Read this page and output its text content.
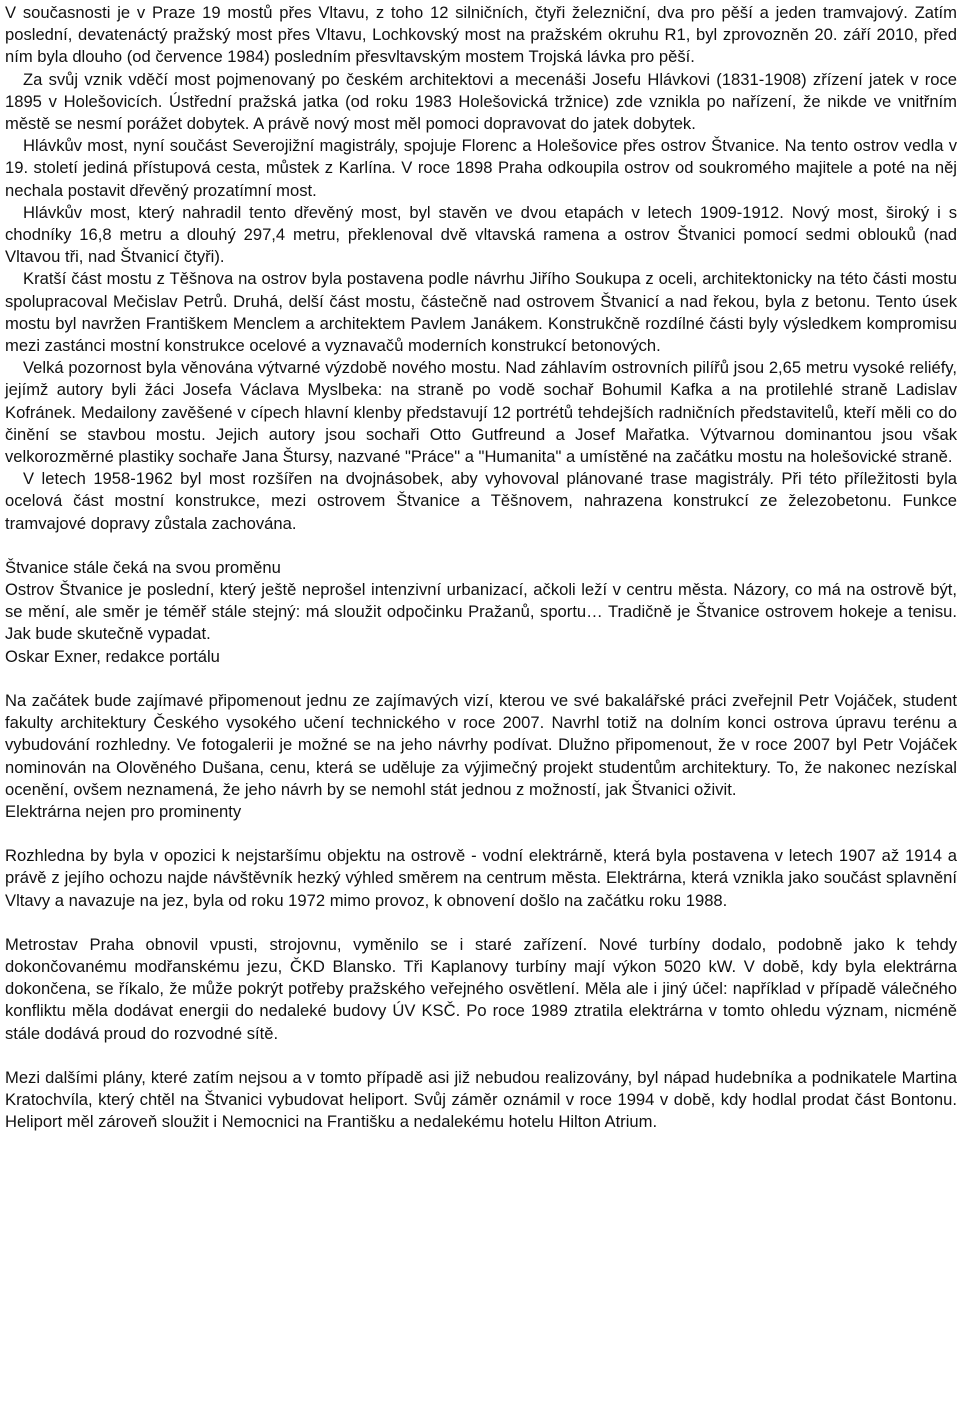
V současnosti je v Praze 19 mostů přes Vltavu, z toho 12 silničních, čtyři železniční, dva pro pěší a jeden tramvajový. Zatím poslední, devatenáctý pražský most přes Vltavu, Lochkovský most na pražském okruhu R1, byl zprovozněn 20. září 2010, před ním byla dlouho (od července 1984) posledním přesvltavským mostem Trojská lávka pro pěší.

Za svůj vznik vděčí most pojmenovaný po českém architektovi a mecenáši Josefu Hlávkovi (1831-1908) zřízení jatek v roce 1895 v Holešovicích. Ústřední pražská jatka (od roku 1983 Holešovická tržnice) zde vznikla po nařízení, že nikde ve vnitřním městě se nesmí porážet dobytek. A právě nový most měl pomoci dopravovat do jatek dobytek.

Hlávkův most, nyní součást Severojižní magistrály, spojuje Florenc a Holešovice přes ostrov Štvanice. Na tento ostrov vedla v 19. století jediná přístupová cesta, můstek z Karlína. V roce 1898 Praha odkoupila ostrov od soukromého majitele a poté na něj nechala postavit dřevěný prozatímní most.

Hlávkův most, který nahradil tento dřevěný most, byl stavěn ve dvou etapách v letech 1909-1912. Nový most, široký i s chodníky 16,8 metru a dlouhý 297,4 metru, překlenoval dvě vltavská ramena a ostrov Štvanici pomocí sedmi oblouků (nad Vltavou tři, nad Štvanicí čtyři).

Kratší část mostu z Těšnova na ostrov byla postavena podle návrhu Jiřího Soukupa z oceli, architektonicky na této části mostu spolupracoval Mečislav Petrů. Druhá, delší část mostu, částečně nad ostrovem Štvanicí a nad řekou, byla z betonu. Tento úsek mostu byl navržen Františkem Menclem a architektem Pavlem Janákem. Konstrukčně rozdílné části byly výsledkem kompromisu mezi zastánci mostní konstrukce ocelové a vyznavačů moderních konstrukcí betonových.

Velká pozornost byla věnována výtvarné výzdobě nového mostu. Nad záhlavím ostrovních pilířů jsou 2,65 metru vysoké reliéfy, jejímž autory byli žáci Josefa Václava Myslbeka: na straně po vodě sochař Bohumil Kafka a na protilehlé straně Ladislav Kofránek. Medailony zavěšené v cípech hlavní klenby představují 12 portrétů tehdejších radničních představitelů, kteří měli co do činění se stavbou mostu. Jejich autory jsou sochaři Otto Gutfreund a Josef Mařatka. Výtvarnou dominantou jsou však velkorozměrné plastiky sochaře Jana Štursy, nazvané "Práce" a "Humanita" a umístěné na začátku mostu na holešovické straně.

V letech 1958-1962 byl most rozšířen na dvojnásobek, aby vyhovoval plánované trase magistrály. Při této příležitosti byla ocelová část mostní konstrukce, mezi ostrovem Štvanice a Těšnovem, nahrazena konstrukcí ze železobetonu. Funkce tramvajové dopravy zůstala zachována.

Štvanice stále čeká na svou proměnu

Ostrov Štvanice je poslední, který ještě neprošel intenzivní urbanizací, ačkoli leží v centru města. Názory, co má na ostrově být, se mění, ale směr je téměř stále stejný: má sloužit odpočinku Pražanů, sportu… Tradičně je Štvanice ostrovem hokeje a tenisu. Jak bude skutečně vypadat.

Oskar Exner, redakce portálu

Na začátek bude zajímavé připomenout jednu ze zajímavých vizí, kterou ve své bakalářské práci zveřejnil Petr Vojáček, student fakulty architektury Českého vysokého učení technického v roce 2007. Navrhl totiž na dolním konci ostrova úpravu terénu a vybudování rozhledny. Ve fotogalerii je možné se na jeho návrhy podívat. Dlužno připomenout, že v roce 2007 byl Petr Vojáček nominován na Olověného Dušana, cenu, která se uděluje za výjimečný projekt studentům architektury. To, že nakonec nezískal ocenění, ovšem neznamená, že jeho návrh by se nemohl stát jednou z možností, jak Štvanici oživit.

Elektrárna nejen pro prominenty

Rozhledna by byla v opozici k nejstaršímu objektu na ostrově - vodní elektrárně, která byla postavena v letech 1907 až 1914 a právě z jejího ochozu najde návštěvník hezký výhled směrem na centrum města. Elektrárna, která vznikla jako součást splavnění Vltavy a navazuje na jez, byla od roku 1972 mimo provoz, k obnovení došlo na začátku roku 1988.

Metrostav Praha obnovil vpusti, strojovnu, vyměnilo se i staré zařízení. Nové turbíny dodalo, podobně jako k tehdy dokončovanému modřanskému jezu, ČKD Blansko. Tři Kaplanovy turbíny mají výkon 5020 kW. V době, kdy byla elektrárna dokončena, se říkalo, že může pokrýt potřeby pražského veřejného osvětlení. Měla ale i jiný účel: například v případě válečného konfliktu měla dodávat energii do nedaleké budovy ÚV KSČ. Po roce 1989 ztratila elektrárna v tomto ohledu význam, nicméně stále dodává proud do rozvodné sítě.

Mezi dalšími plány, které zatím nejsou a v tomto případě asi již nebudou realizovány, byl nápad hudebníka a podnikatele Martina Kratochvíla, který chtěl na Štvanici vybudovat heliport. Svůj záměr oznámil v roce 1994 v době, kdy hodlal prodat část Bontonu. Heliport měl zároveň sloužit i Nemocnici na Františku a nedalekému hotelu Hilton Atrium.
